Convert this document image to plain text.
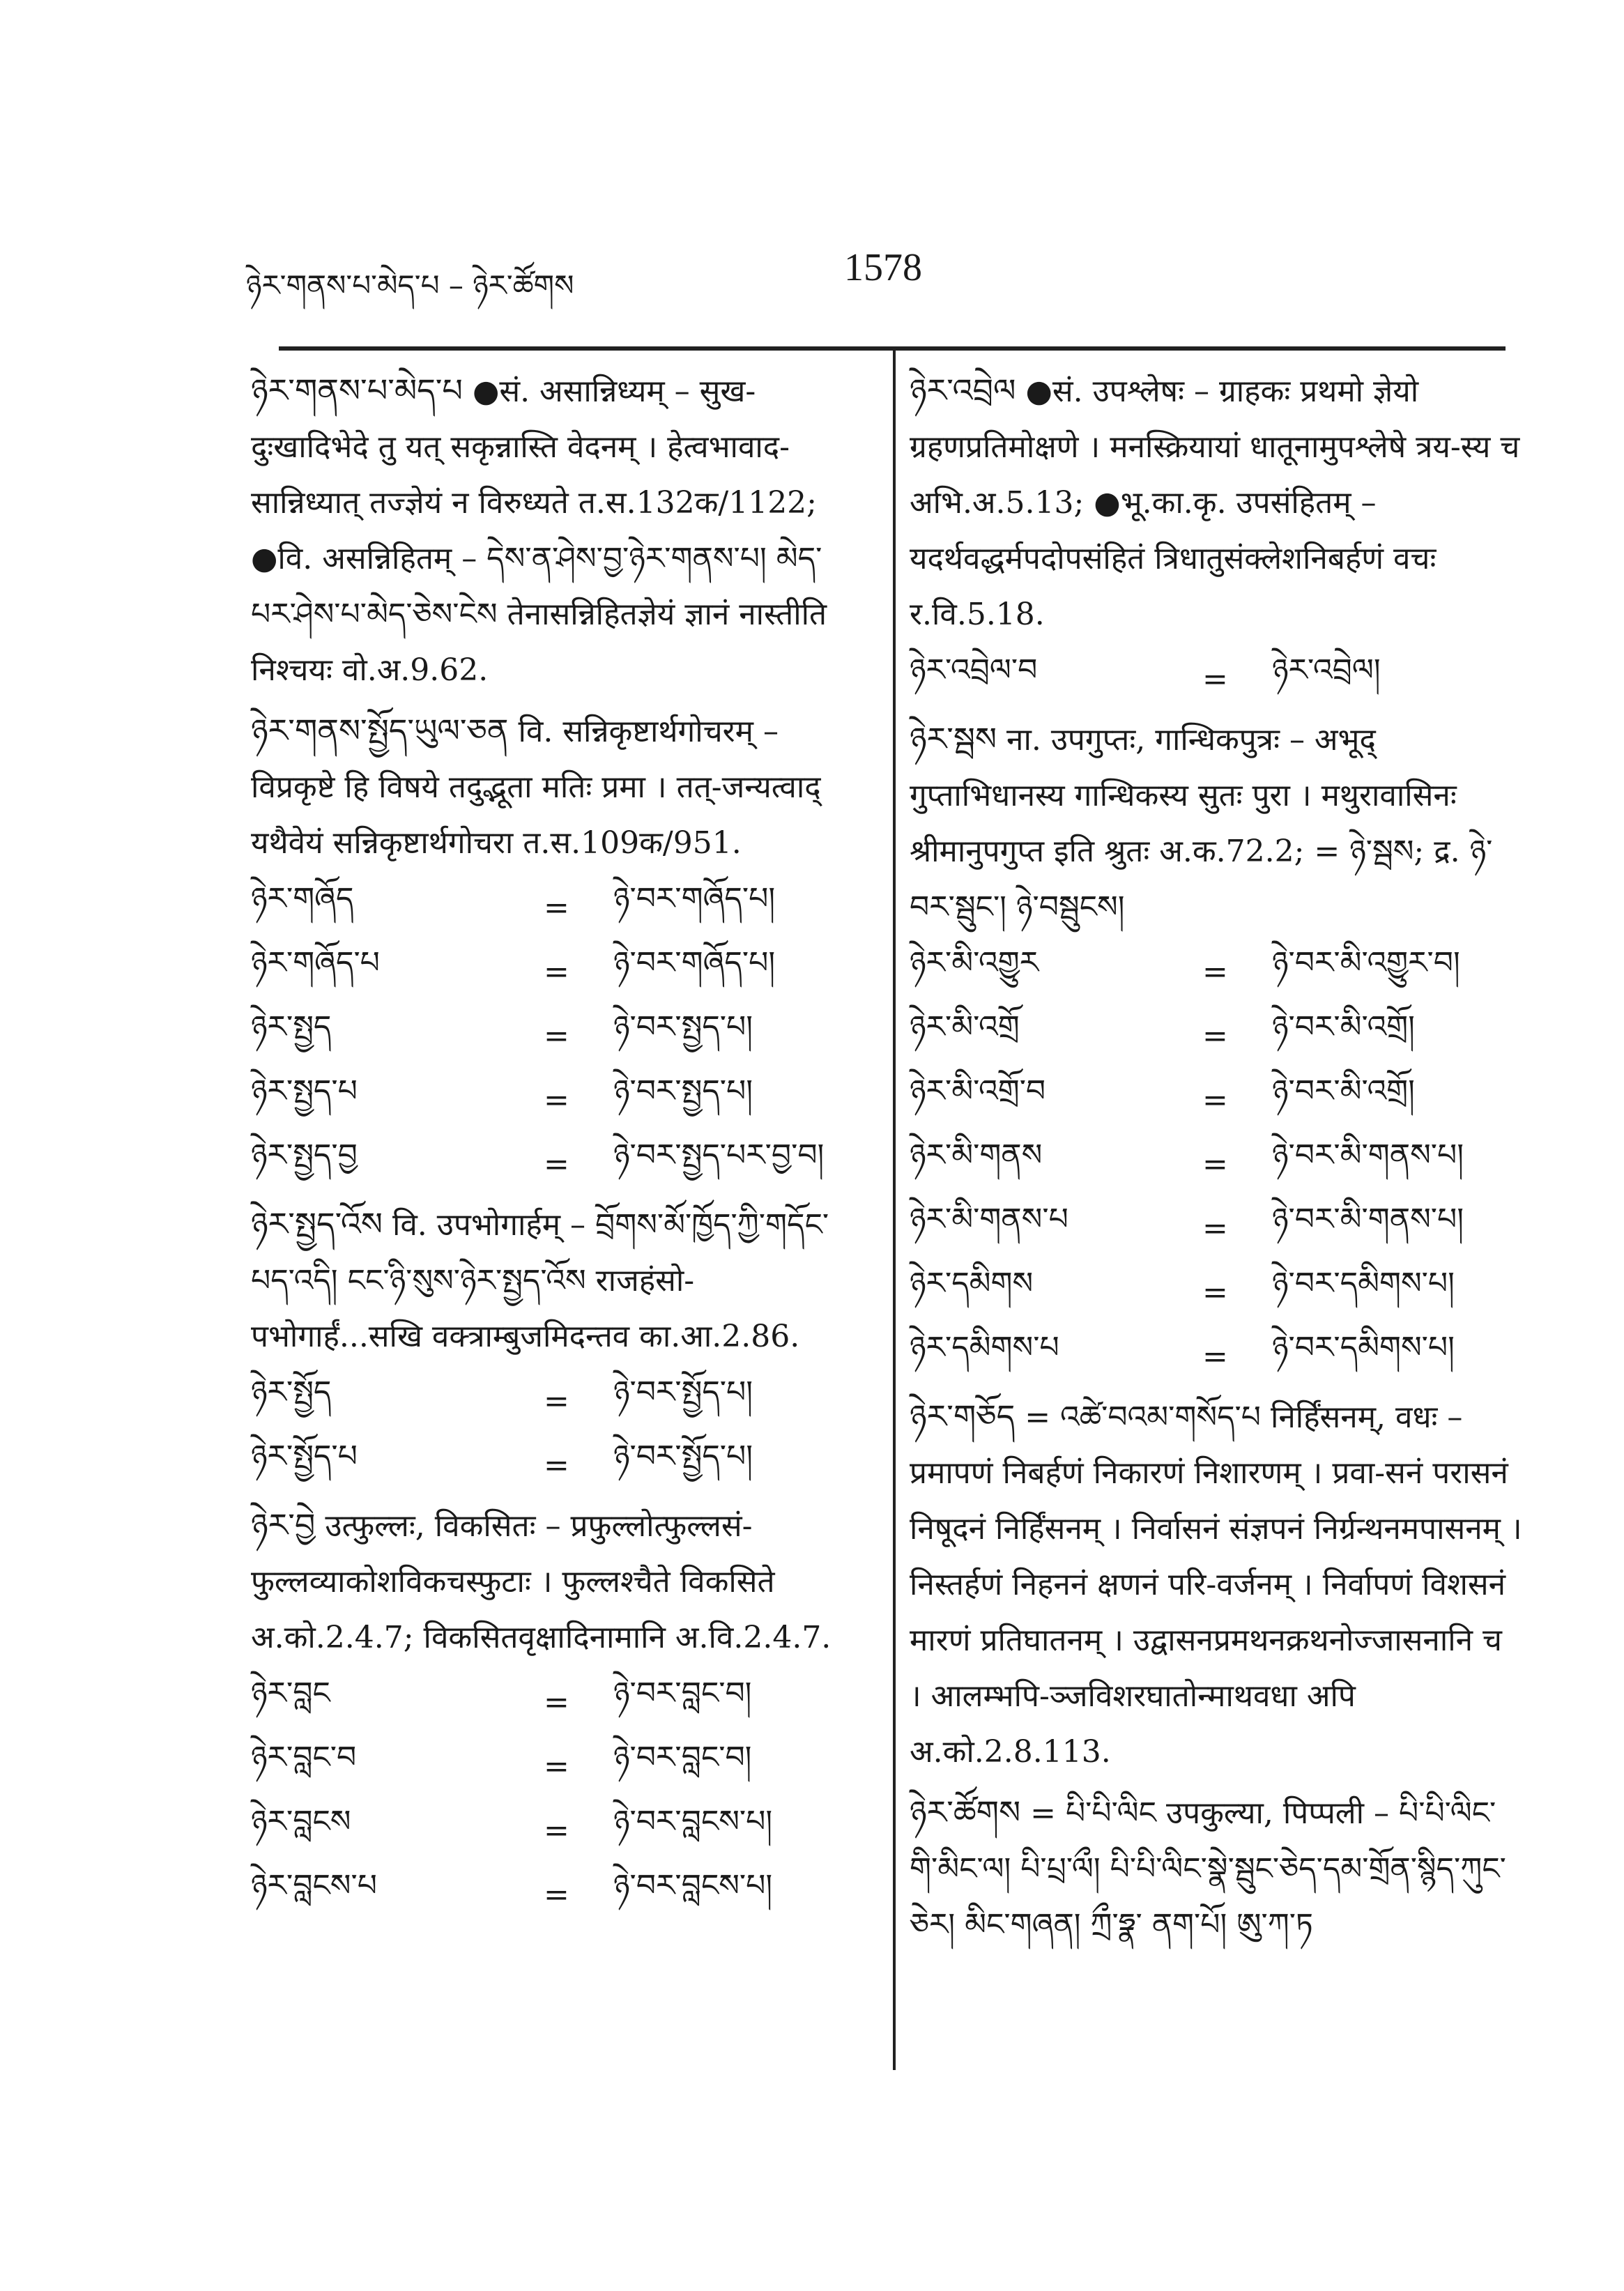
ཉེར་གནས་པ་མེད་པ – ཉེར་ཚོགས	1578
ཉེར་གནས་པ་མེད་པ ●सं. असान्निध्यम् – सुख-दुःखादिभेदे तु यत् सकृन्नास्ति वेदनम् । हेत्वभावाद-सान्निध्यात् तज्ज्ञेयं न विरुध्यते त.स.132क/1122; ●वि. असन्निहितम् – དེས་ན་ཤེས་བྱ་ཉེར་གནས་པ། མེད་པར་ཤེས་པ་མེད་ཅེས་ངེས तेनासन्निहितज्ञेयं ज्ञानं नास्तीति निश्चयः वो.अ.9.62.
ཉེར་གནས་སྤྱོད་ཡུལ་ཅན वि. सन्निकृष्टार्थगोचरम् – विप्रकृष्टे हि विषये तदुद्भूता मतिः प्रमा । तत्-जन्यत्वाद् यथैवेयं सन्निकृष्टार्थगोचरा त.स.109क/951.
ཉེར་གཞོད	=	ཉེ་བར་གཞོད་པ།
ཉེར་གཞོད་པ	=	ཉེ་བར་གཞོད་པ།
ཉེར་སྤྱད	=	ཉེ་བར་སྤྱད་པ།
ཉེར་སྤྱད་པ	=	ཉེ་བར་སྤྱད་པ།
ཉེར་སྤྱད་བྱ	=	ཉེ་བར་སྤྱད་པར་བྱ་བ།
ཉེར་སྤྱད་འོས वि. उपभोगार्हम् – བྲོགས་མོ་ཁྱོད་ཀྱི་གདོང་པད་འདི། ངང་ཉི་སུས་ཉེར་སྤྱད་འོས राजहंसो-पभोगार्हं...सखि वक्त्राम्बुजमिदन्तव का.आ.2.86.
ཉེར་སྤྱོད	=	ཉེ་བར་སྤྱོད་པ།
ཉེར་སྤྱོད་པ	=	ཉེ་བར་སྤྱོད་པ།
ཉེར་བྱེ उत्फुल्लः, विकसितः – प्रफुल्लोत्फुल्लसं-फुल्लव्याकोशविकचस्फुटाः । फुल्लश्चैते विकसिते अ.को.2.4.7; विकसितवृक्षादिनामानि अ.वि.2.4.7.
ཉེར་བླང	=	ཉེ་བར་བླང་བ།
ཉེར་བླང་བ	=	ཉེ་བར་བླང་བ།
ཉེར་བླངས	=	ཉེ་བར་བླངས་པ།
ཉེར་བླངས་པ	=	ཉེ་བར་བླངས་པ།
ཉེར་འབྲེལ ●सं. उपश्लेषः – ग्राहकः प्रथमो ज्ञेयो ग्रहणप्रतिमोक्षणे । मनस्क्रियायां धातूनामुपश्लेषे त्रय-स्य च अभि.अ.5.13; ●भू.का.कृ. उपसंहितम् – यदर्थवद्धर्मपदोपसंहितं त्रिधातुसंक्लेशनिबर्हणं वचः र.वि.5.18.
ཉེར་འབྲེལ་བ	=	ཉེར་འབྲེལ།
ཉེར་སྦས ना. उपगुप्तः, गान्धिकपुत्रः – अभूद् गुप्ताभिधानस्य गान्धिकस्य सुतः पुरा । मथुरावासिनः श्रीमानुपगुप्त इति श्रुतः अ.क.72.2; = ཉེ་སྦས; द्र. ཉེ་བར་སྦུང་། ཉེ་བསྦུངས།
ཉེར་མི་འགྱུར	=	ཉེ་བར་མི་འགྱུར་བ།
ཉེར་མི་འགྲོ	=	ཉེ་བར་མི་འགྲོ།
ཉེར་མི་འགྲོ་བ	=	ཉེ་བར་མི་འགྲོ།
ཉེར་མི་གནས	=	ཉེ་བར་མི་གནས་པ།
ཉེར་མི་གནས་པ	=	ཉེ་བར་མི་གནས་པ།
ཉེར་དམིགས	=	ཉེ་བར་དམིགས་པ།
ཉེར་དམིགས་པ	=	ཉེ་བར་དམིགས་པ།
ཉེར་གཅོད = འཚེ་བའམ་གསོད་པ निर्हिंसनम्, वधः – प्रमापणं निबर्हणं निकारणं निशारणम् । प्रवा-सनं परासनं निषूदनं निर्हिंसनम् । निर्वासनं संज्ञपनं निर्ग्रन्थनमपासनम् । निस्तर्हणं निहननं क्षणनं परि-वर्जनम् । निर्वापणं विशसनं मारणं प्रतिघातनम् । उद्वासनप्रमथनक्रथनोज्जासनानि च । आलम्भपि-ञ्जविशरघातोन्माथवधा अपि अ.को.2.8.113.
ཉེར་ཚོགས = པི་པི་ལིང उपकुल्या, पिप्पली – པི་པི་ལིང་གི་མིང་ལ། པི་པྲ་ལྀ། པི་པི་ལིང་སྣེ་སྦུང་ཅེད་དམ་གྲོན་སྙིད་ཀུང་ཅེར། མིང་གཞན། ཀྲྀ་ཧྣ་ ནག་པོ། ཨུ་ཀ་ཏ
